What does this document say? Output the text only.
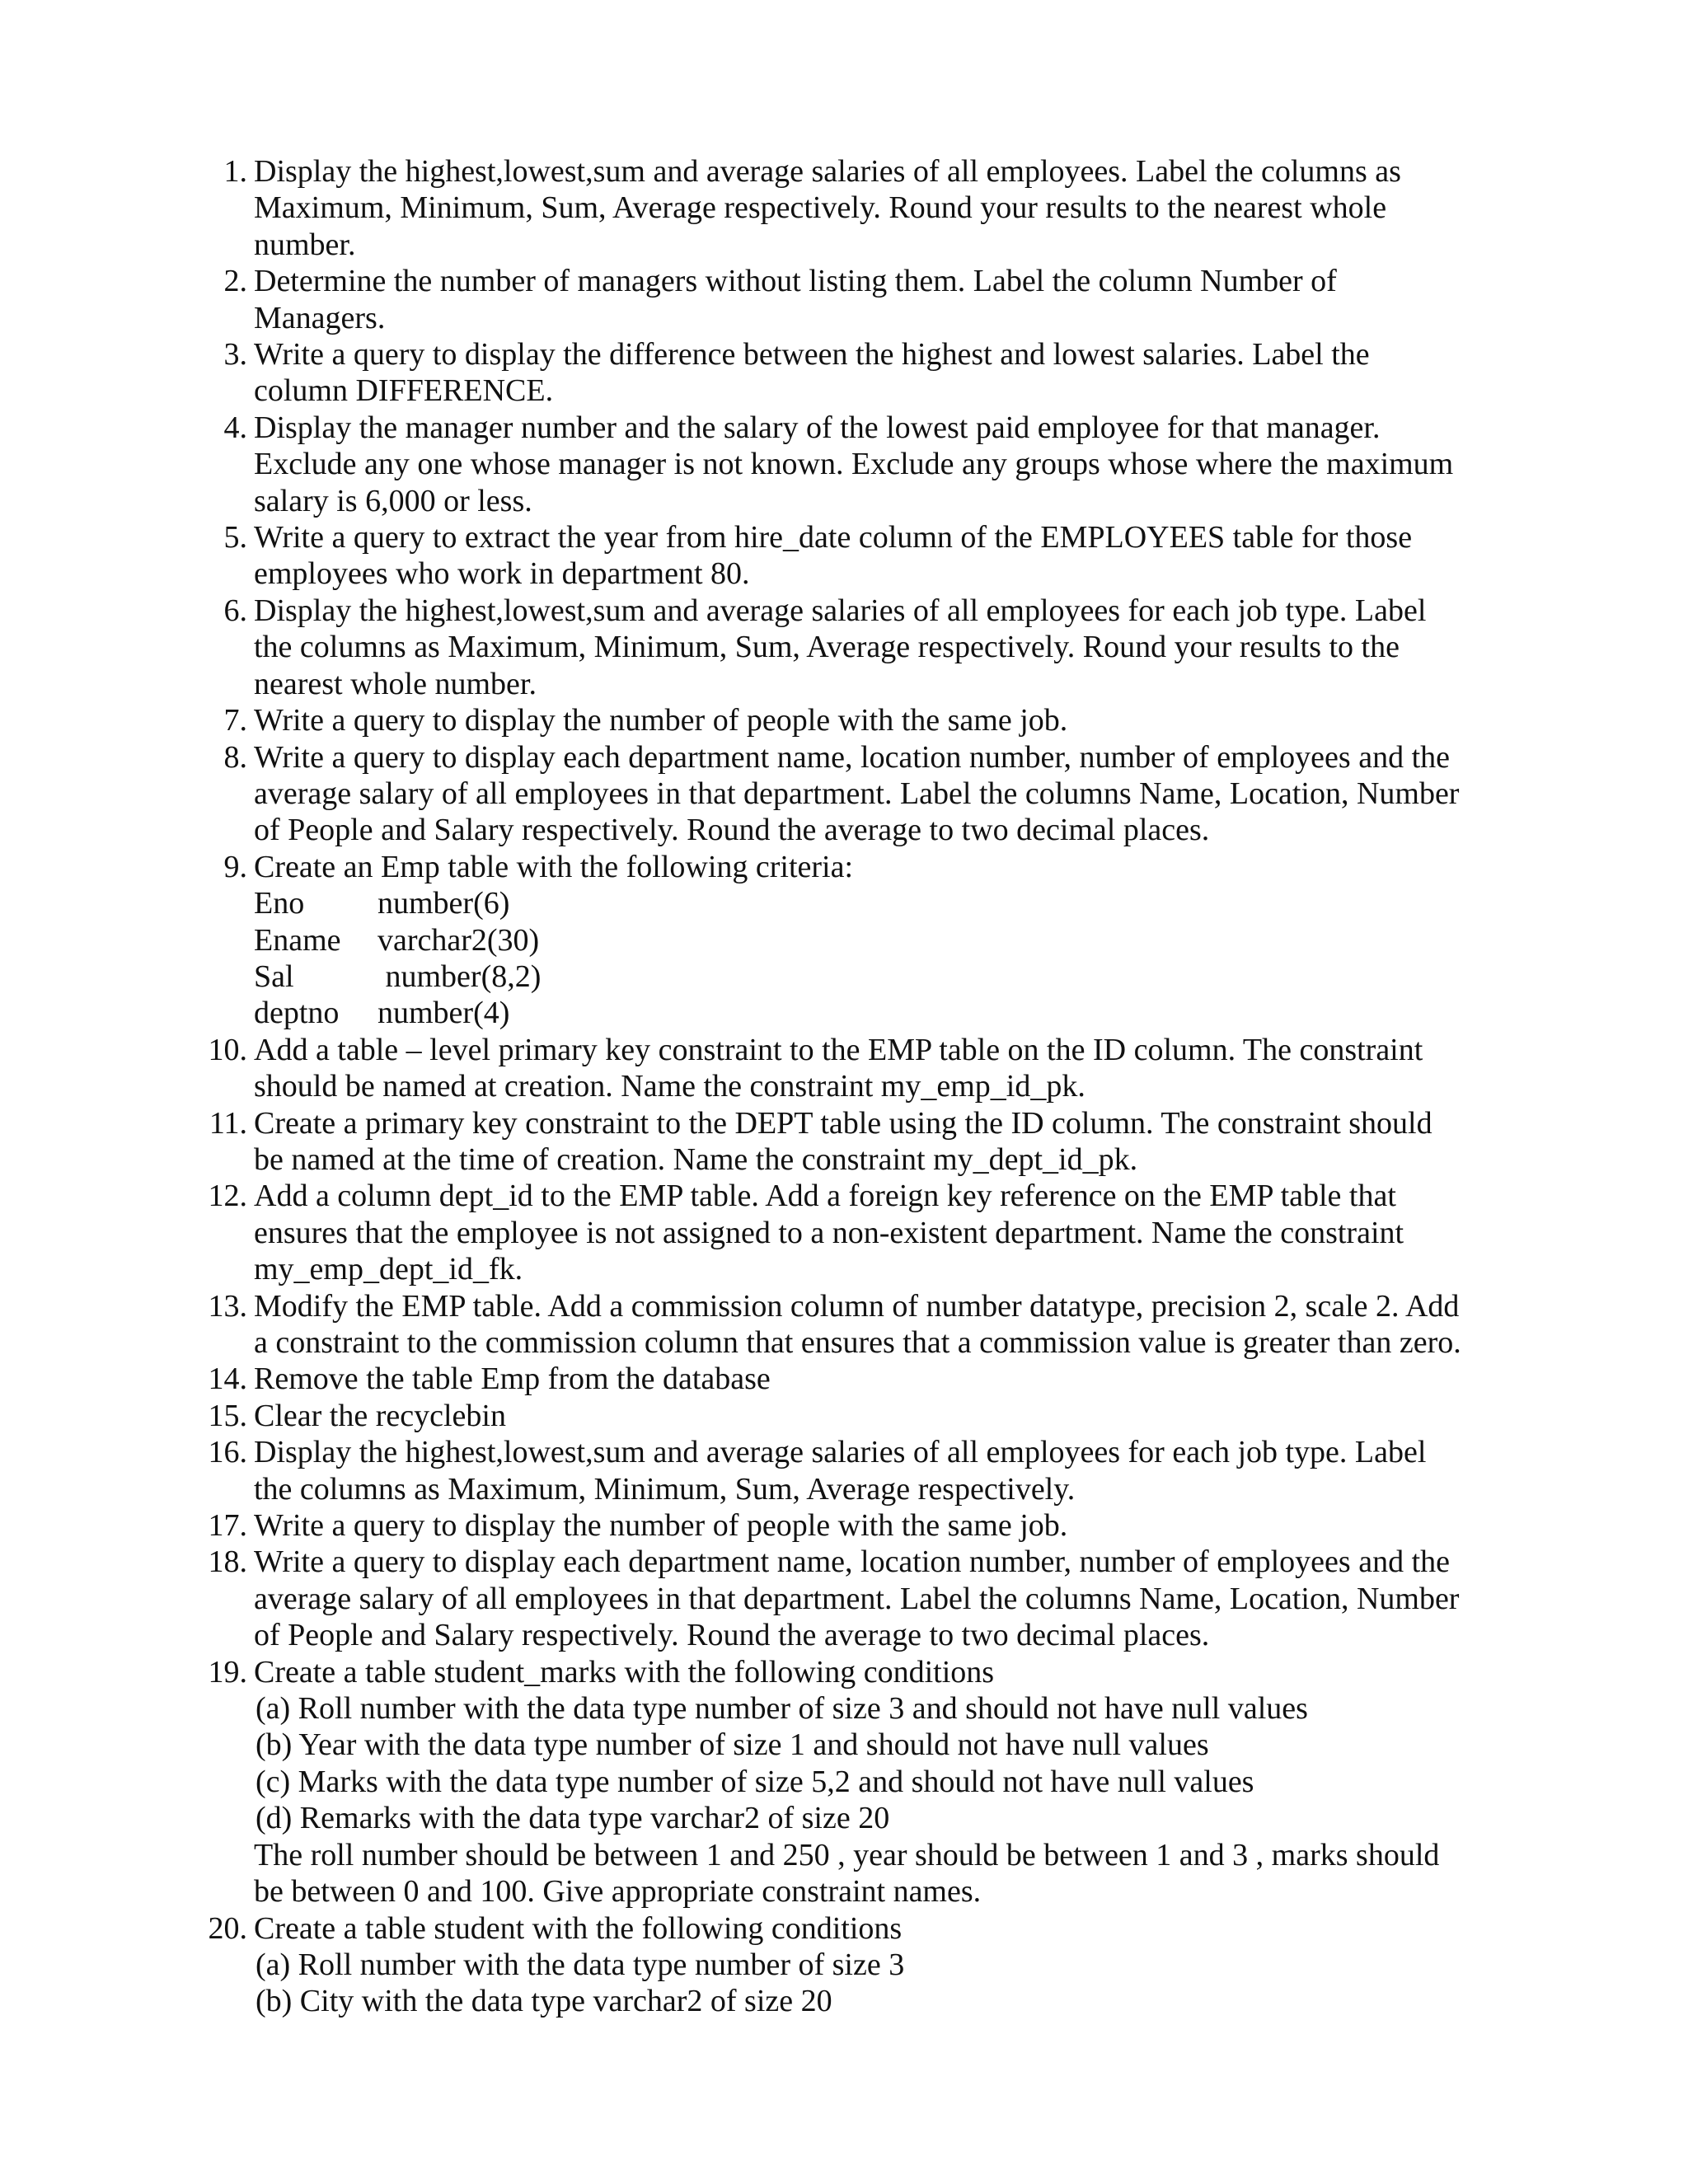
1. Display the highest,lowest,sum and average salaries of all employees. Label the columns as
Maximum, Minimum, Sum, Average respectively. Round your results to the nearest whole
number.
2. Determine the number of managers without listing them. Label the column Number of
Managers.
3. Write a query to display the difference between the highest and lowest salaries. Label the
column DIFFERENCE.
4. Display the manager number and the salary of the lowest paid employee for that manager.
Exclude any one whose manager is not known. Exclude any groups whose where the maximum
salary is 6,000 or less.
5. Write a query to extract the year from hire_date column of the EMPLOYEES table for those
employees who work in department 80.
6. Display the highest,lowest,sum and average salaries of all employees for each job type. Label
the columns as Maximum, Minimum, Sum, Average respectively. Round your results to the
nearest whole number.
7. Write a query to display the number of people with the same job.
8. Write a query to display each department name, location number, number of employees and the
average salary of all employees in that department. Label the columns Name, Location, Number
of People and Salary respectively. Round the average to two decimal places.
9. Create an Emp table with the following criteria:
Eno number(6)
Ename varchar2(30)
Sal	number(8,2)
deptno number(4)
10. Add a table – level primary key constraint to the EMP table on the ID column. The constraint
should be named at creation. Name the constraint my_emp_id_pk.
11. Create a primary key constraint to the DEPT table using the ID column. The constraint should
be named at the time of creation. Name the constraint my_dept_id_pk.
12. Add a column dept_id to the EMP table. Add a foreign key reference on the EMP table that
ensures that the employee is not assigned to a non-existent department. Name the constraint
my_emp_dept_id_fk.
13. Modify the EMP table. Add a commission column of number datatype, precision 2, scale 2. Add
a constraint to the commission column that ensures that a commission value is greater than zero.
14. Remove the table Emp from the database
15. Clear the recyclebin
16. Display the highest,lowest,sum and average salaries of all employees for each job type. Label
the columns as Maximum, Minimum, Sum, Average respectively.
17. Write a query to display the number of people with the same job.
18. Write a query to display each department name, location number, number of employees and the
average salary of all employees in that department. Label the columns Name, Location, Number
of People and Salary respectively. Round the average to two decimal places.
19. Create a table student_marks with the following conditions
(a) Roll number with the data type number of size 3 and should not have null values
(b) Year with the data type number of size 1 and should not have null values
(c) Marks with the data type number of size 5,2 and should not have null values
(d) Remarks with the data type varchar2 of size 20
The roll number should be between 1 and 250 , year should be between 1 and 3 , marks should
be between 0 and 100. Give appropriate constraint names.
20. Create a table student with the following conditions
(a) Roll number with the data type number of size 3
(b) City with the data type varchar2 of size 20
